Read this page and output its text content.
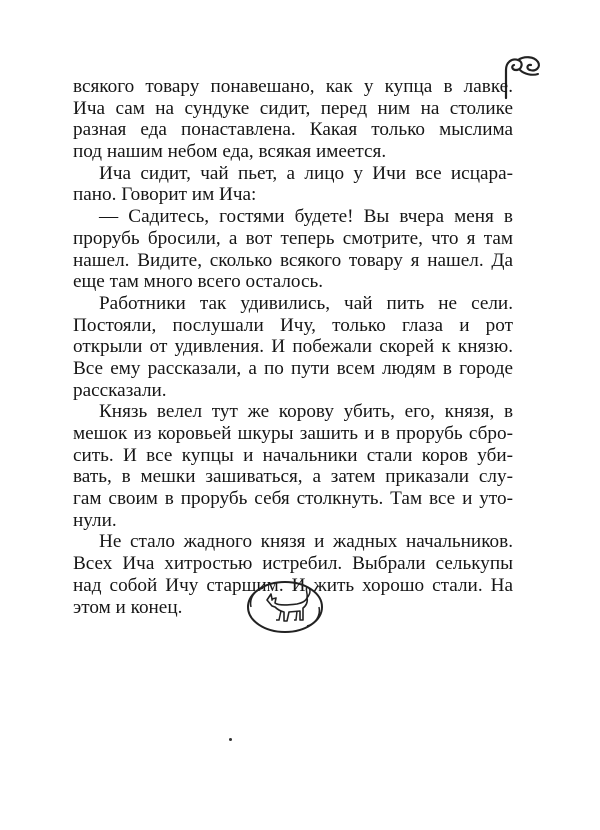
всякого товару понавешано, как у купца в лавке.
Ича сам на сундуке сидит, перед ним на столике
разная еда понаставлена. Какая только мыслима
под нашим небом еда, всякая имеется.
Ича сидит, чай пьет, а лицо у Ичи все исцара-
пано. Говорит им Ича:
— Садитесь, гостями будете! Вы вчера меня в
прорубь бросили, а вот теперь смотрите, что я там
нашел. Видите, сколько всякого товару я нашел. Да
еще там много всего осталось.
Работники так удивились, чай пить не сели.
Постояли, послушали Ичу, только глаза и рот
открыли от удивления. И побежали скорей к князю.
Все ему рассказали, а по пути всем людям в городе
рассказали.
Князь велел тут же корову убить, его, князя, в
мешок из коровьей шкуры зашить и в прорубь сбро-
сить. И все купцы и начальники стали коров уби-
вать, в мешки зашиваться, а затем приказали слу-
гам своим в прорубь себя столкнуть. Там все и уто-
нули.
Не стало жадного князя и жадных начальников.
Всех Ича хитростью истребил. Выбрали селькупы
над собой Ичу старшим. И жить хорошо стали. На
этом и конец.
